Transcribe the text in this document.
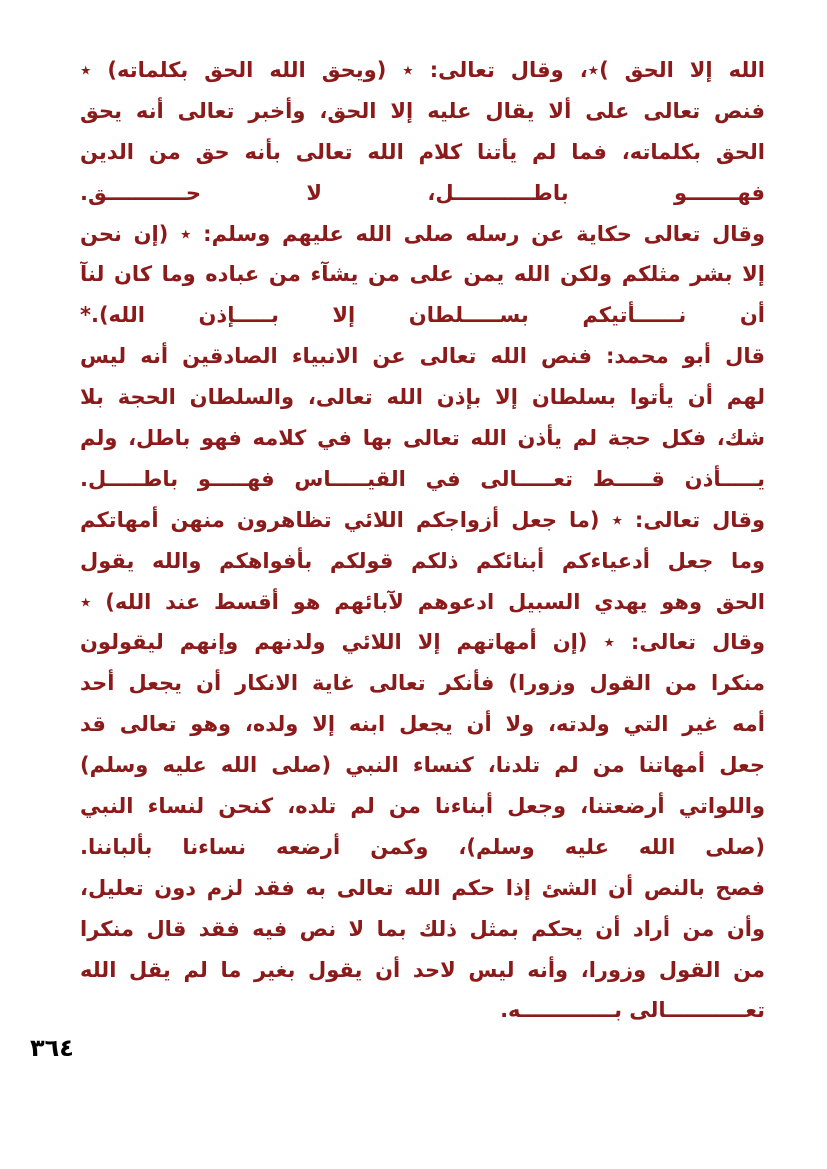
الله إلا الحق )٭، وقال تعالى: ٭ (ويحق الله الحق بكلماته) ٭
فنص تعالى على ألا يقال عليه إلا الحق، وأخبر تعالى أنه يحق
الحق بكلماته، فما لم يأتنا كلام الله تعالى بأنه حق من الدين
فهـــــــو باطـــــــــــل، لا حـــــــــــق.
وقال تعالى حكاية عن رسله صلى الله عليهم وسلم: ٭ (إن نحن
إلا بشر مثلكم ولكن الله يمن على من يشآء من عباده وما كان لنآ
أن نــــــأتيكم بســـــلطان إلا بـــــإذن الله).*
قال أبو محمد: فنص الله تعالى عن الانبياء الصادقين أنه ليس
لهم أن يأتوا بسلطان إلا بإذن الله تعالى، والسلطان الحجة بلا
شك، فكل حجة لم يأذن الله تعالى بها في كلامه فهو باطل، ولم
يـــــأذن قـــــط تعـــــالى في القيـــــاس فهـــــو باطـــــل.
وقال تعالى: ٭ (ما جعل أزواجكم اللائي تظاهرون منهن أمهاتكم
وما جعل أدعياءكم أبنائكم ذلكم قولكم بأفواهكم والله يقول
الحق وهو يهدي السبيل ادعوهم لآبائهم هو أقسط عند الله) ٭
وقال تعالى: ٭ (إن أمهاتهم إلا اللائي ولدنهم وإنهم ليقولون
منكرا من القول وزورا) فأنكر تعالى غاية الانكار أن يجعل أحد
أمه غير التي ولدته، ولا أن يجعل ابنه إلا ولده، وهو تعالى قد
جعل أمهاتنا من لم تلدنا، كنساء النبي (صلى الله عليه وسلم)
واللواتي أرضعتنا، وجعل أبناءنا من لم تلده، كنحن لنساء النبي
(صلى الله عليه وسلم)، وكمن أرضعه نساءنا بألباننا.
فصح بالنص أن الشئ إذا حكم الله تعالى به فقد لزم دون تعليل،
وأن من أراد أن يحكم بمثل ذلك بما لا نص فيه فقد قال منكرا
من القول وزورا، وأنه ليس لاحد أن يقول بغير ما لم يقل الله
تعـــــــــــالى بـــــــــــــه.
٣٦٤
